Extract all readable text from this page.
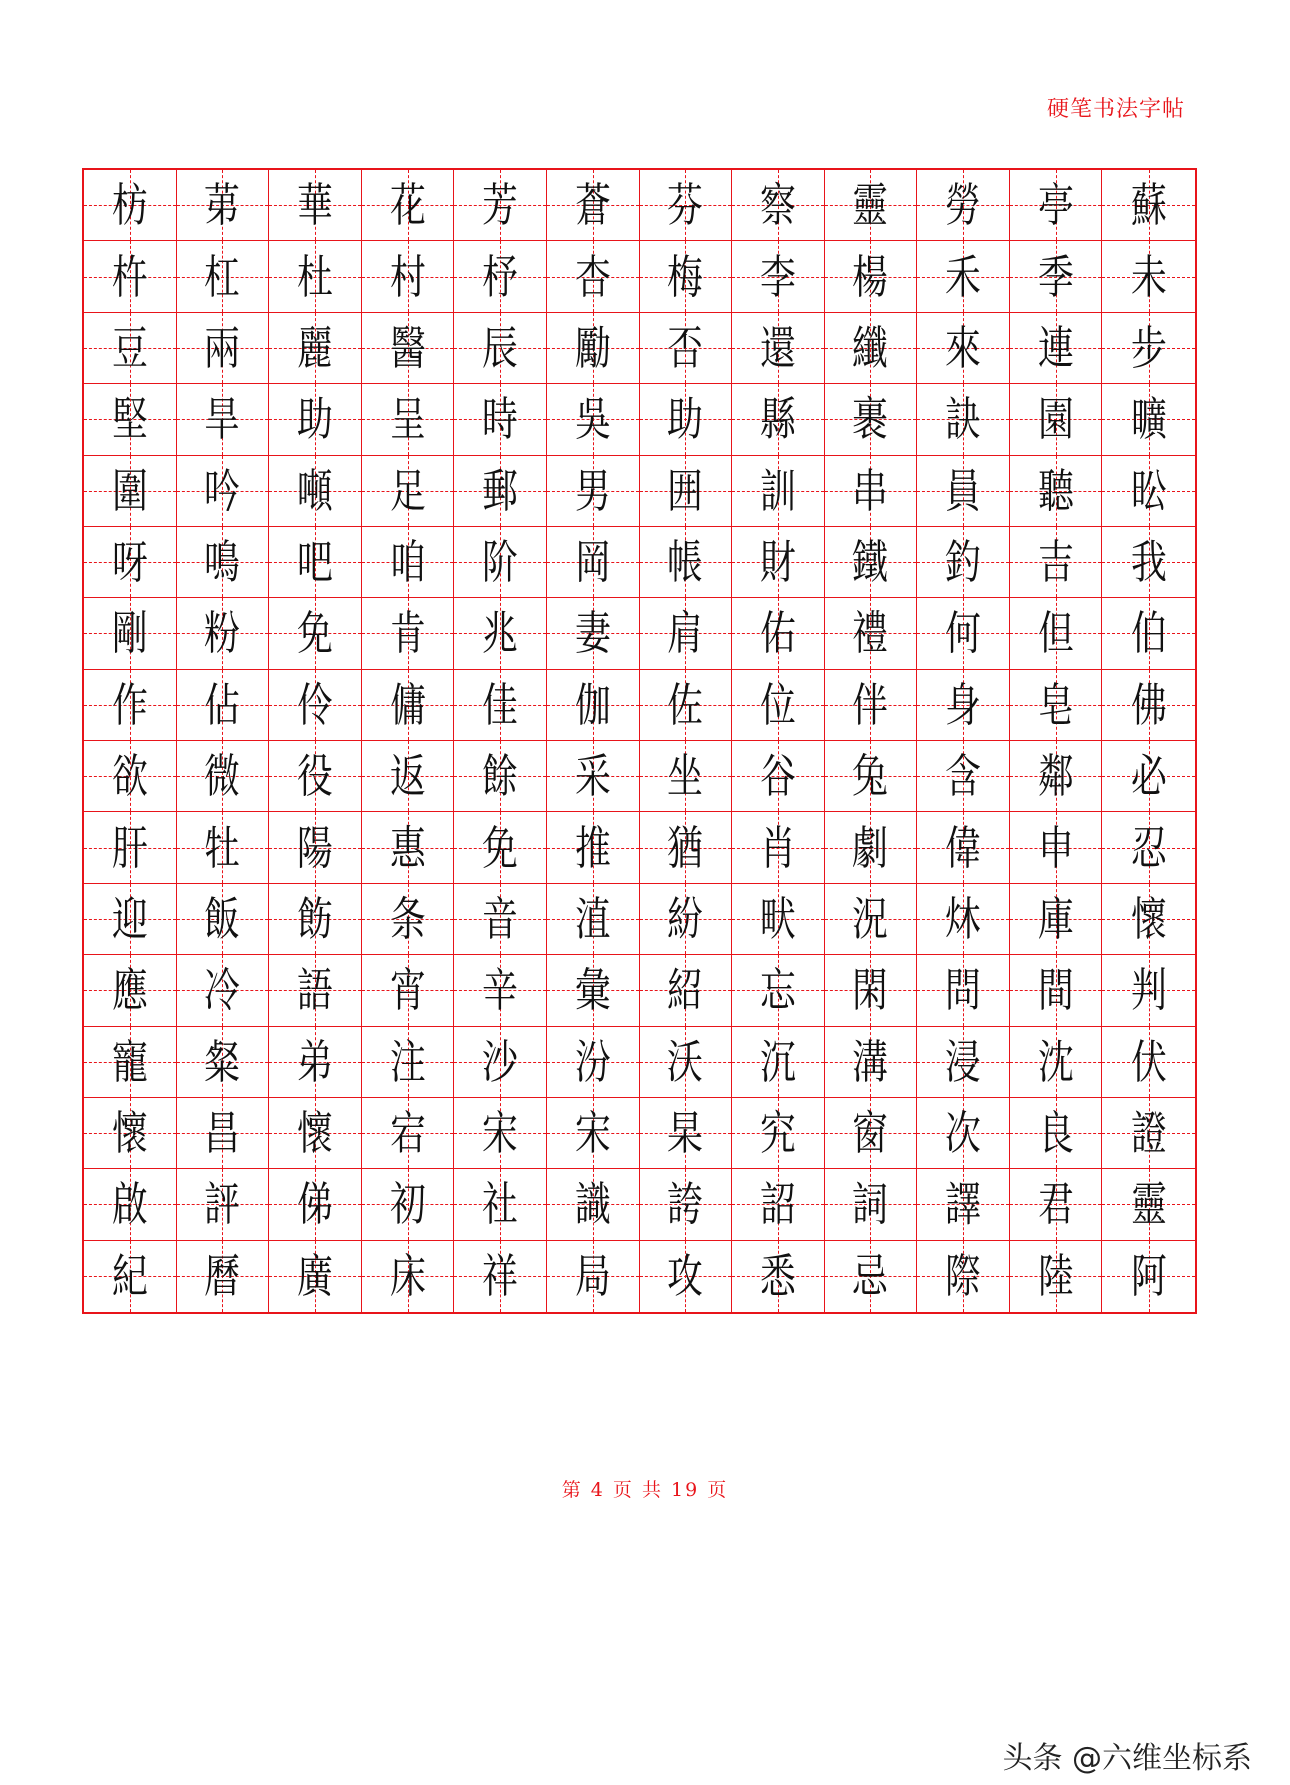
硬笔书法字帖
枋 苐 華 花 芳 蒼 芬 察 靈 勞 亭 蘇
杵 杠 杜 村 杼 杏 梅 李 楊 禾 季 未
豆 兩 麗 醫 辰 勵 否 還 纖 來 連 步
堅 旱 助 呈 時 吳 助 縣 裹 訣 園 曠
圍 吟 噸 足 郵 男 囲 訓 串 員 聽 昖
呀 鳴 吧 咱 阶 岡 帳 財 鐵 釣 吉 我
剛 粉 免 肯 兆 妻 肩 佑 禮 何 但 伯
作 佔 伶 傭 佳 伽 佐 位 伴 身 皂 佛
欲 微 役 返 餘 采 坐 谷 兔 含 鄰 必
肝 牡 陽 惠 免 推 猶 肖 劇 偉 申 忍
迎 飯 飭 条 音 淔 紛 畎 況 炑 庫 懷
應 冷 語 宵 辛 彙 紹 忘 閑 問 間 判
寵 粲 弟 注 沙 汾 沃 沉 溝 浸 沈 伏
懷 昌 懷 宕 宋 宋 杲 究 窗 次 良 證
啟 評 俤 初 社 識 誇 詔 詞 譯 君 靈
紀 曆 廣 床 祥 局 攻 悉 忌 際 陸 阿
第 4 页 共 19 页
头条 @六维坐标系
